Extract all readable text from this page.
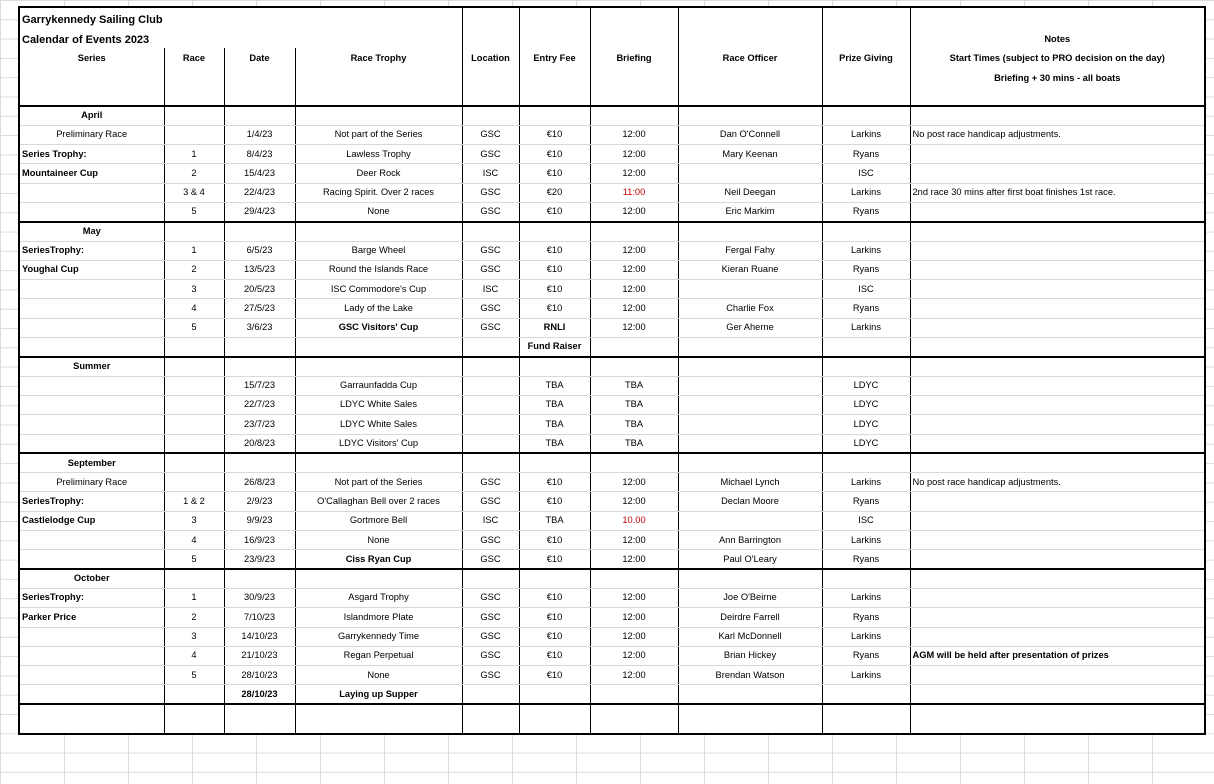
Garrykennedy Sailing Club									
Calendar of Events 2023									Notes
Series	Race	Date	Race Trophy	Location	Entry Fee	Briefing	Race Officer	Prize Giving	Start Times (subject to PRO decision on the day)
									Briefing + 30 mins - all boats

April									
Preliminary Race		1/4/23	Not part of the Series	GSC	€10	12:00	Dan O'Connell	Larkins	No post race handicap adjustments.
Series Trophy:	1	8/4/23	Lawless Trophy	GSC	€10	12:00	Mary Keenan	Ryans	
Mountaineer Cup	2	15/4/23	Deer Rock	ISC	€10	12:00		ISC	
	3 & 4	22/4/23	Racing Spirit. Over 2 races	GSC	€20	11:00	Neil Deegan	Larkins	2nd race 30 mins after first boat finishes 1st race.
	5	29/4/23	None	GSC	€10	12:00	Eric Markim	Ryans	
May									
SeriesTrophy:	1	6/5/23	Barge Wheel	GSC	€10	12:00	Fergal Fahy	Larkins	
Youghal Cup	2	13/5/23	Round the Islands Race	GSC	€10	12:00	Kieran Ruane	Ryans	
	3	20/5/23	ISC Commodore's Cup	ISC	€10	12:00		ISC	
	4	27/5/23	Lady of the Lake	GSC	€10	12:00	Charlie Fox	Ryans	
	5	3/6/23	GSC Visitors' Cup	GSC	RNLI	12:00	Ger Aherne	Larkins	
					Fund Raiser				
Summer									
		15/7/23	Garraunfadda Cup		TBA	TBA		LDYC	
		22/7/23	LDYC White Sales		TBA	TBA		LDYC	
		23/7/23	LDYC White Sales		TBA	TBA		LDYC	
		20/8/23	LDYC Visitors' Cup		TBA	TBA		LDYC	
September									
Preliminary Race		26/8/23	Not part of the Series	GSC	€10	12:00	Michael Lynch	Larkins	No post race handicap adjustments.
SeriesTrophy:	1 & 2	2/9/23	O'Callaghan Bell over 2 races	GSC	€10	12:00	Declan Moore	Ryans	
Castlelodge Cup	3	9/9/23	Gortmore Bell	ISC	TBA	10.00		ISC	
	4	16/9/23	None	GSC	€10	12:00	Ann Barrington	Larkins	
	5	23/9/23	Ciss Ryan Cup	GSC	€10	12:00	Paul O'Leary	Ryans	
October									
SeriesTrophy:	1	30/9/23	Asgard Trophy	GSC	€10	12:00	Joe O'Beirne	Larkins	
Parker Price	2	7/10/23	Islandmore Plate	GSC	€10	12:00	Deirdre Farrell	Ryans	
	3	14/10/23	Garrykennedy Time	GSC	€10	12:00	Karl McDonnell	Larkins	
	4	21/10/23	Regan Perpetual	GSC	€10	12:00	Brian Hickey	Ryans	AGM will be held after presentation of prizes
	5	28/10/23	None	GSC	€10	12:00	Brendan Watson	Larkins	
		28/10/23	Laying up Supper						
